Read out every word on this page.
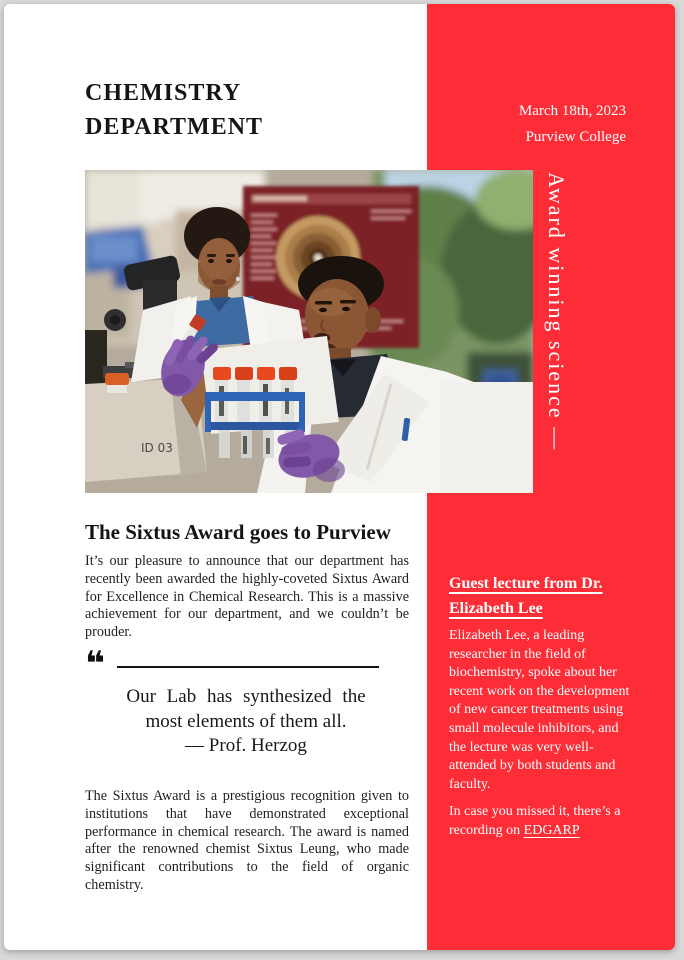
CHEMISTRY
DEPARTMENT
March 18th, 2023
Purview College
ID 03	Award winning science —
The Sixtus Award goes to Purview

It’s our pleasure to announce that our department has recently been awarded the highly-coveted Sixtus Award for Excellence in Chemical Research. This is a massive achievement for our department, and we couldn’t be prouder.

❝
Our Lab has synthesized the
most elements of them all.
— Prof. Herzog

The Sixtus Award is a prestigious recognition given to institutions that have demonstrated exceptional performance in chemical research. The award is named after the renowned chemist Sixtus Leung, who made significant contributions to the field of organic chemistry.

Guest lecture from Dr. Elizabeth Lee

Elizabeth Lee, a leading researcher in the field of biochemistry, spoke about her recent work on the development of new cancer treatments using small molecule inhibitors, and the lecture was very well-attended by both students and faculty.

In case you missed it, there’s a recording on EDGARP
